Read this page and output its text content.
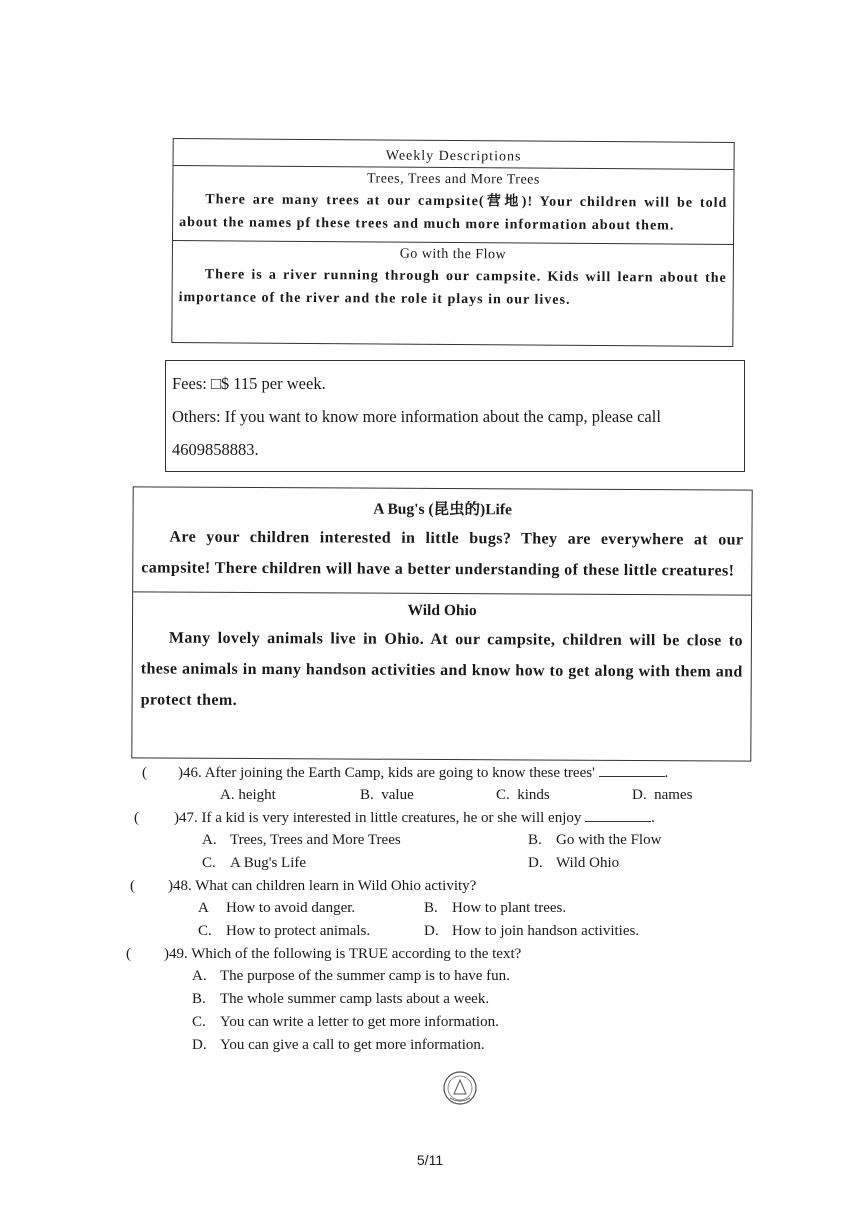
Weekly Descriptions
Trees, Trees and More Trees
There are many trees at our campsite(营地)! Your children will be told about the names pf these trees and much more information about them.
Go with the Flow
There is a river running through our campsite. Kids will learn about the importance of the river and the role it plays in our lives.
Fees: □$ 115 per week.
Others: If you want to know more information about the camp, please call 4609858883.
A Bug's (昆虫的)Life
Are your children interested in little bugs? They are everywhere at our campsite! There children will have a better understanding of these little creatures!
Wild Ohio
Many lovely animals live in Ohio. At our campsite, children will be close to these animals in many handson activities and know how to get along with them and protect them.
( )46. After joining the Earth Camp, kids are going to know these trees'	.
A. height	B. value	C. kinds	D. names
( )47. If a kid is very interested in little creatures, he or she will enjoy	.
A. Trees, Trees and More Trees	B. Go with the Flow
C. A Bug's Life	D. Wild Ohio
( )48. What can children learn in Wild Ohio activity?
A How to avoid danger.	B. How to plant trees.
C. How to protect animals.	D. How to join handson activities.
( )49. Which of the following is TRUE according to the text?
A. The purpose of the summer camp is to have fun.
B. The whole summer camp lasts about a week.
C. You can write a letter to get more information.
D. You can give a call to get more information.
5/11
